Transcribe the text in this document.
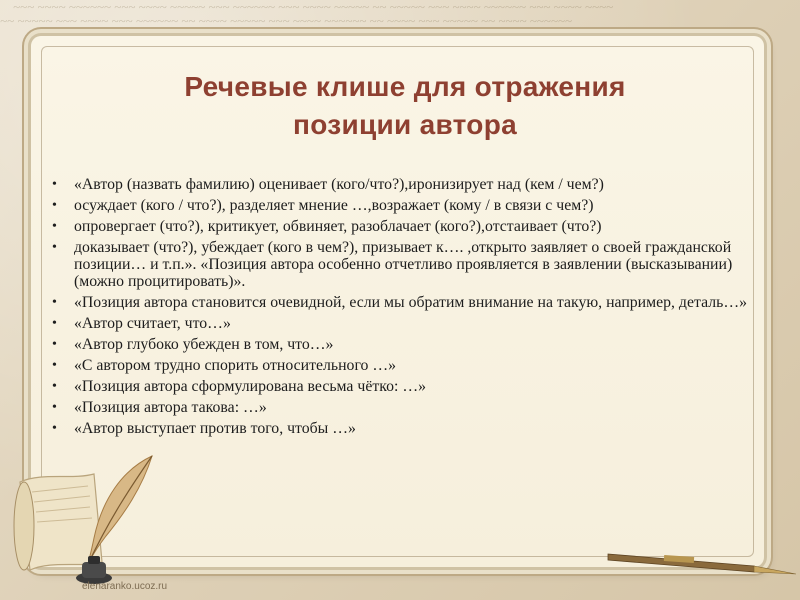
~~~ ~~~~ ~~~~~~ ~~~ ~~~~ ~~~~~ ~~~ ~~~~~~ ~~~ ~~~~ ~~~~~ ~~ ~~~~~ ~~~ ~~~~ ~~~~~~ ~~~ ~~~~ ~~~~
~~ ~~~~~ ~~~ ~~~~ ~~~ ~~~~~~ ~~ ~~~~ ~~~~~ ~~~ ~~~~ ~~~~~~ ~~ ~~~~ ~~~ ~~~~~ ~~ ~~~~ ~~~~~~
Речевые клише для отражения
позиции автора
• «Автор (назвать фамилию) оценивает (кого/что?),иронизирует над (кем / чем?)
• осуждает (кого / что?), разделяет мнение …,возражает (кому / в связи с чем?)
• опровергает (что?), критикует, обвиняет, разоблачает (кого?),отстаивает (что?)
• доказывает (что?), убеждает (кого в чем?), призывает к…. ,открыто заявляет о своей гражданской позиции… и т.п.». «Позиция автора особенно отчетливо проявляется в заявлении (высказывании) (можно процитировать)».
• «Позиция автора становится очевидной, если мы обратим внимание на такую, например, деталь…»
• «Автор считает, что…»
• «Автор глубоко убежден в том, что…»
• «С автором трудно спорить относительного …»
• «Позиция автора сформулирована весьма чётко: …»
• «Позиция автора такова: …»
• «Автор выступает против того, чтобы …»
elenaranko.ucoz.ru
